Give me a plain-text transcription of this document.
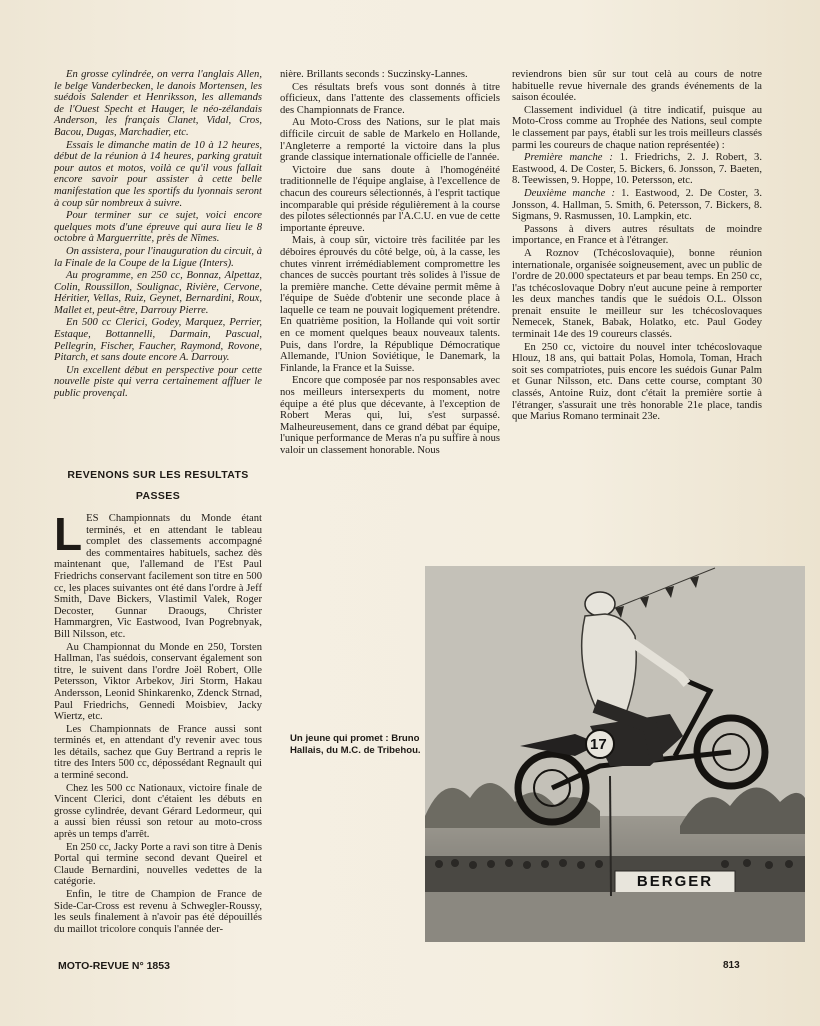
En grosse cylindrée, on verra l'anglais Allen, le belge Vanderbecken, le danois Mortensen, les suédois Salender et Henriksson, les allemands de l'Ouest Specht et Hauger, le néo-zélandais Anderson, les français Clanet, Vidal, Cros, Bacou, Dugas, Marchadier, etc.

Essais le dimanche matin de 10 à 12 heures, début de la réunion à 14 heures, parking gratuit pour autos et motos, voilà ce qu'il vous fallait encore savoir pour assister à cette belle manifestation que les sportifs du lyonnais seront à coup sûr nombreux à suivre.

Pour terminer sur ce sujet, voici encore quelques mots d'une épreuve qui aura lieu le 8 octobre à Marguerritte, près de Nîmes.

On assistera, pour l'inauguration du circuit, à la Finale de la Coupe de la Ligue (Inters).

Au programme, en 250 cc, Bonnaz, Alpettaz, Colin, Roussillon, Soulignac, Rivière, Cervone, Héritier, Vellas, Ruiz, Geynet, Bernardini, Roux, Mallet et, peut-être, Darrouy Pierre.

En 500 cc Clerici, Godey, Marquez, Perrier, Estaque, Bottannelli, Darmain, Pascual, Pellegrin, Fischer, Faucher, Raymond, Rovone, Pitarch, et sans doute encore A. Darrouy.

Un excellent début en perspective pour cette nouvelle piste qui verra certainement affluer le public provençal.

REVENONS SUR LES RESULTATS
PASSES

LES Championnats du Monde étant terminés, et en attendant le tableau complet des classements accompagné des commentaires habituels, sachez dès maintenant que, l'allemand de l'Est Paul Friedrichs conservant facilement son titre en 500 cc, les places suivantes ont été dans l'ordre à Jeff Smith, Dave Bickers, Vlastimil Valek, Roger Decoster, Gunnar Draougs, Christer Hammargren, Vic Eastwood, Ivan Pogrebnyak, Bill Nilsson, etc.

Au Championnat du Monde en 250, Torsten Hallman, l'as suédois, conservant également son titre, le suivent dans l'ordre Joël Robert, Olle Petersson, Viktor Arbekov, Jiri Storm, Hakau Andersson, Leonid Shinkarenko, Zdenck Strnad, Paul Friedrichs, Gennedi Moisbiev, Jacky Wiertz, etc.

Les Championnats de France aussi sont terminés et, en attendant d'y revenir avec tous les détails, sachez que Guy Bertrand a repris le titre des Inters 500 cc, dépossédant Regnault qui a terminé second.

Chez les 500 cc Nationaux, victoire finale de Vincent Clerici, dont c'étaient les débuts en grosse cylindrée, devant Gérard Ledormeur, qui a aussi bien réussi son retour au moto-cross après un temps d'arrêt.

En 250 cc, Jacky Porte a ravi son titre à Denis Portal qui termine second devant Queirel et Claude Bernardini, nouvelles vedettes de la catégorie.

Enfin, le titre de Champion de France de Side-Car-Cross est revenu à Schwegler-Roussy, les seuls finalement à n'avoir pas été dépouillés du maillot tricolore conquis l'année der-

nière. Brillants seconds : Suczinsky-Lannes.

Ces résultats brefs vous sont donnés à titre officieux, dans l'attente des classements officiels des Championnats de France.

Au Moto-Cross des Nations, sur le plat mais difficile circuit de sable de Markelo en Hollande, l'Angleterre a remporté la victoire dans la plus grande classique internationale officielle de l'année.

Victoire due sans doute à l'homogénéité traditionnelle de l'équipe anglaise, à l'excellence de chacun des coureurs sélectionnés, à l'esprit tactique incomparable qui préside régulièrement à la course des pilotes sélectionnés par l'A.C.U. en vue de cette importante épreuve.

Mais, à coup sûr, victoire très facilitée par les déboires éprouvés du côté belge, où, à la casse, les chutes vinrent irrémédiablement compromettre les chances de succès pourtant très solides à l'issue de la première manche. Cette dévaine permit même à l'équipe de Suède d'obtenir une seconde place à laquelle ce team ne pouvait logiquement prétendre. En quatrième position, la Hollande qui voit sortir en ce moment quelques beaux nouveaux talents. Puis, dans l'ordre, la République Démocratique Allemande, l'Union Soviétique, le Danemark, la Finlande, la France et la Suisse.

Encore que composée par nos responsables avec nos meilleurs intersexperts du moment, notre équipe a été plus que décevante, à l'exception de Robert Meras qui, lui, s'est surpassé. Malheureusement, dans ce grand débat par équipe, l'unique performance de Meras n'a pu suffire à nous valoir un classement honorable. Nous

reviendrons bien sûr sur tout celà au cours de notre habituelle revue hivernale des grands événements de la saison écoulée.

Classement individuel (à titre indicatif, puisque au Moto-Cross comme au Trophée des Nations, seul compte le classement par pays, établi sur les trois meilleurs classés parmi les coureurs de chaque nation représentée) :

Première manche : 1. Friedrichs, 2. J. Robert, 3. Eastwood, 4. De Coster, 5. Bickers, 6. Jonsson, 7. Baeten, 8. Teewissen, 9. Hoppe, 10. Petersson, etc.

Deuxième manche : 1. Eastwood, 2. De Coster, 3. Jonsson, 4. Hallman, 5. Smith, 6. Petersson, 7. Bickers, 8. Sigmans, 9. Rasmussen, 10. Lampkin, etc.

Passons à divers autres résultats de moindre importance, en France et à l'étranger.

A Roznov (Tchécoslovaquie), bonne réunion internationale, organisée soigneusement, avec un public de l'ordre de 20.000 spectateurs et par beau temps. En 250 cc, l'as tchécoslovaque Dobry n'eut aucune peine à remporter les deux manches tandis que le suédois O.L. Olsson prenait ensuite le meilleur sur les tchécoslovaques Nemecek, Stanek, Babak, Holatko, etc. Paul Godey terminait 14e des 19 coureurs classés.

En 250 cc, victoire du nouvel inter tchécoslovaque Hlouz, 18 ans, qui battait Polas, Homola, Toman, Hrach soit ses compatriotes, puis encore les suédois Gunar Palm et Gunar Nilsson, etc. Dans cette course, comptant 30 classés, Antoine Ruiz, dont c'était la première sortie à l'étranger, s'assurait une très honorable 21e place, tandis que Marius Romano terminait 23e.

Un jeune qui promet : Bruno Hallais, du M.C. de Tribehou.	17
BERGER
MOTO-REVUE N° 1853	813
